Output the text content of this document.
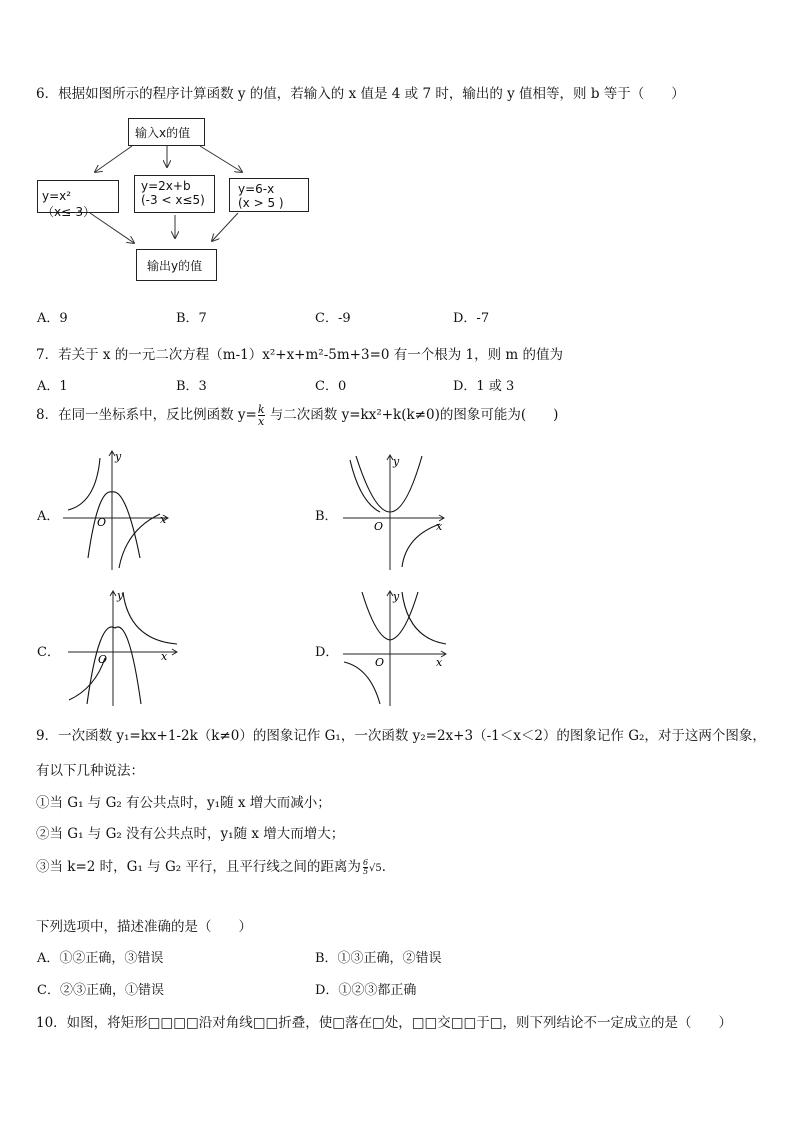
6．根据如图所示的程序计算函数 y 的值，若输入的 x 值是 4 或 7 时，输出的 y 值相等，则 b 等于（　　）
输入x的值
y=x²（x≤-3）
y=2x+b
(-3 < x≤5)
y=6-x
(x > 5 )
输出y的值
A．9	B．7	C．-9	D．-7
7．若关于 x 的一元二次方程（m-1）x²+x+m²-5m+3=0 有一个根为 1，则 m 的值为
A．1	B．3	C．0	D．1 或 3
8．在同一坐标系中，反比例函数 $y= \frac{k}{x}$ 与二次函数 y=kx²+k(k≠0)的图象可能为(　　)
A．	B．
C．	D．
y
x
O
y
x
O
y
x
O
y
x
O
9．一次函数 y₁=kx+1-2k（k≠0）的图象记作 G₁，一次函数 y₂=2x+3（-1＜x＜2）的图象记作 G₂，对于这两个图象，
有以下几种说法：
①当 G₁ 与 G₂ 有公共点时，y₁随 x 增大而减小；
②当 G₁ 与 G₂ 没有公共点时，y₁随 x 增大而增大；
③当 k=2 时，G₁ 与 G₂ 平行，且平行线之间的距离为 $\frac{6}{5} √5$．
下列选项中，描述准确的是（　　）
A．①②正确，③错误	B．①③正确，②错误
C．②③正确，①错误	D．①②③都正确
10．如图，将矩形□□□□沿对角线□□折叠，使□落在□处，□□交□□于□，则下列结论不一定成立的是（　　）
